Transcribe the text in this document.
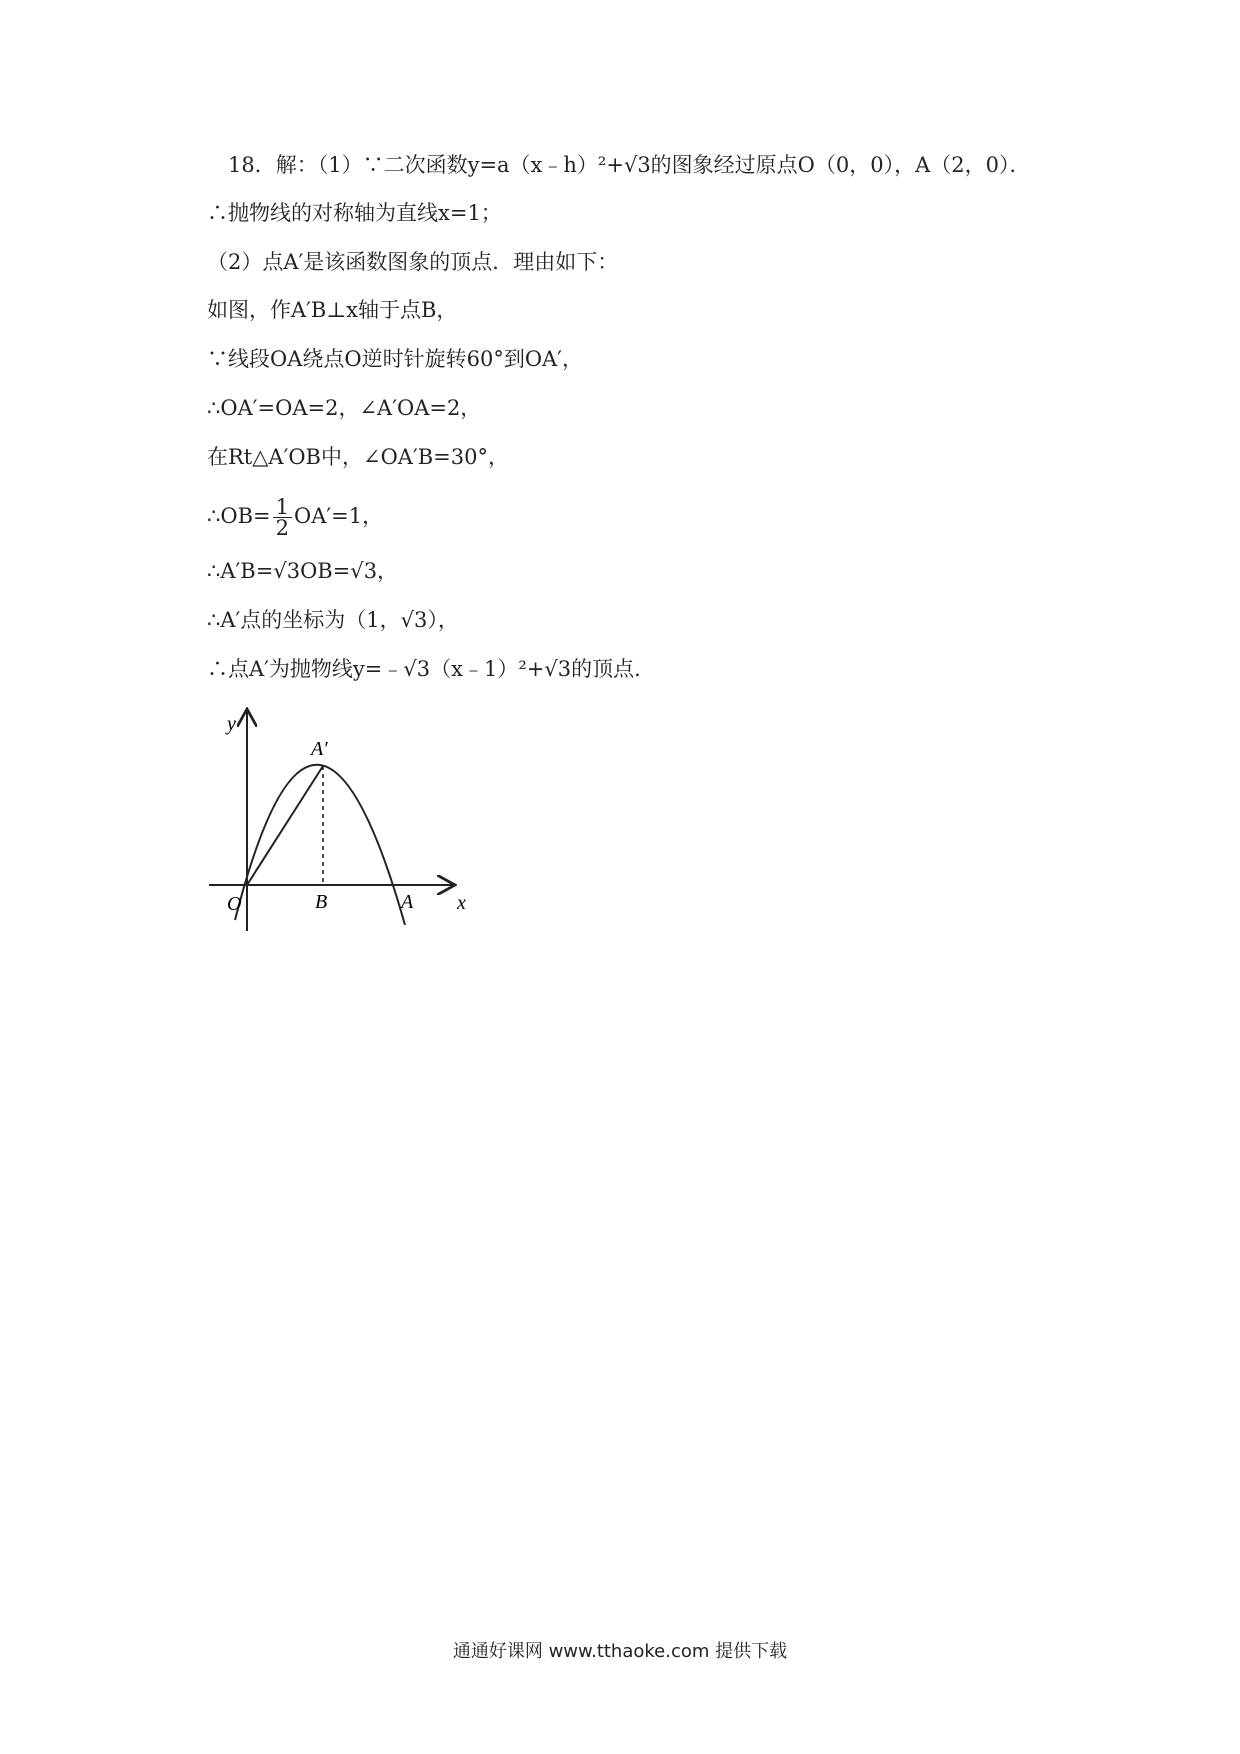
18．解：（1）∵二次函数y=a（x﹣h）²+√3的图象经过原点O（0，0），A（2，0）．
∴抛物线的对称轴为直线x=1；
（2）点A′是该函数图象的顶点．理由如下：
如图，作A′B⊥x轴于点B，
∵线段OA绕点O逆时针旋转60°到OA′，
∴OA′=OA=2，∠A′OA=2，
在Rt△A′OB中，∠OA′B=30°，
∴OB= $\frac{1}{2} OA'=1$，
∴A′B=√3OB=√3，
∴A′点的坐标为（1，√3），
∴点A′为抛物线y=﹣√3（x﹣1）²+√3的顶点．
y
A′
O	B	A x
通通好课网 www.tthaoke.com 提供下载
